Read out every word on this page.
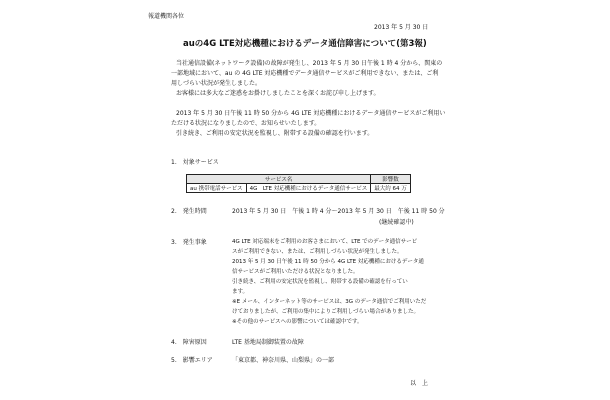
報道機関各位
2013 年 5 月 30 日
auの4G LTE対応機種におけるデータ通信障害について(第3報)
当社通信設備(ネットワーク設備)の故障が発生し、2013 年 5 月 30 日午後 1 時 4 分から、関東の
一部地域において、au の 4G LTE 対応機種でデータ通信サービスがご利用できない、または、ご利
用しづらい状況が発生しました。
お客様には多大なご迷惑をお掛けしましたことを深くお詫び申し上げます。
2013 年 5 月 30 日午後 11 時 50 分から 4G LTE 対応機種におけるデータ通信サービスがご利用い
ただける状況になりましたので、お知らせいたします。
引き続き、ご利用の安定状況を監視し、附帯する設備の確認を行います。
1.　対象サービス
サービス名		影響数
au 携帯電話サービス	4G　LTE 対応機種におけるデータ通信サービス	最大約 64 万
2.　発生時間	2013 年 5 月 30 日　午後 1 時 4 分～2013 年 5 月 30 日　午後 11 時 50 分
(継続確認中)
3.　発生事象	4G LTE 対応端末をご利用のお客さまにおいて、LTE でのデータ通信サービ
スがご利用できない、または、ご利用しづらい状況が発生しました。
2013 年 5 月 30 日午後 11 時 50 分から 4G LTE 対応機種におけるデータ通
信サービスがご利用いただける状況となりました。
引き続き、ご利用の安定状況を監視し、附帯する設備の確認を行ってい
ます。
※E メール、インターネット等のサービスは、3G のデータ通信でご利用いただ
けておりましたが、ご利用の集中によりご利用しづらい場合がありました。
※その他のサービスへの影響については確認中です。
4.　障害原因	LTE 基地局制御装置の故障
5.　影響エリア	「東京都、神奈川県、山梨県」の一部
以　上
